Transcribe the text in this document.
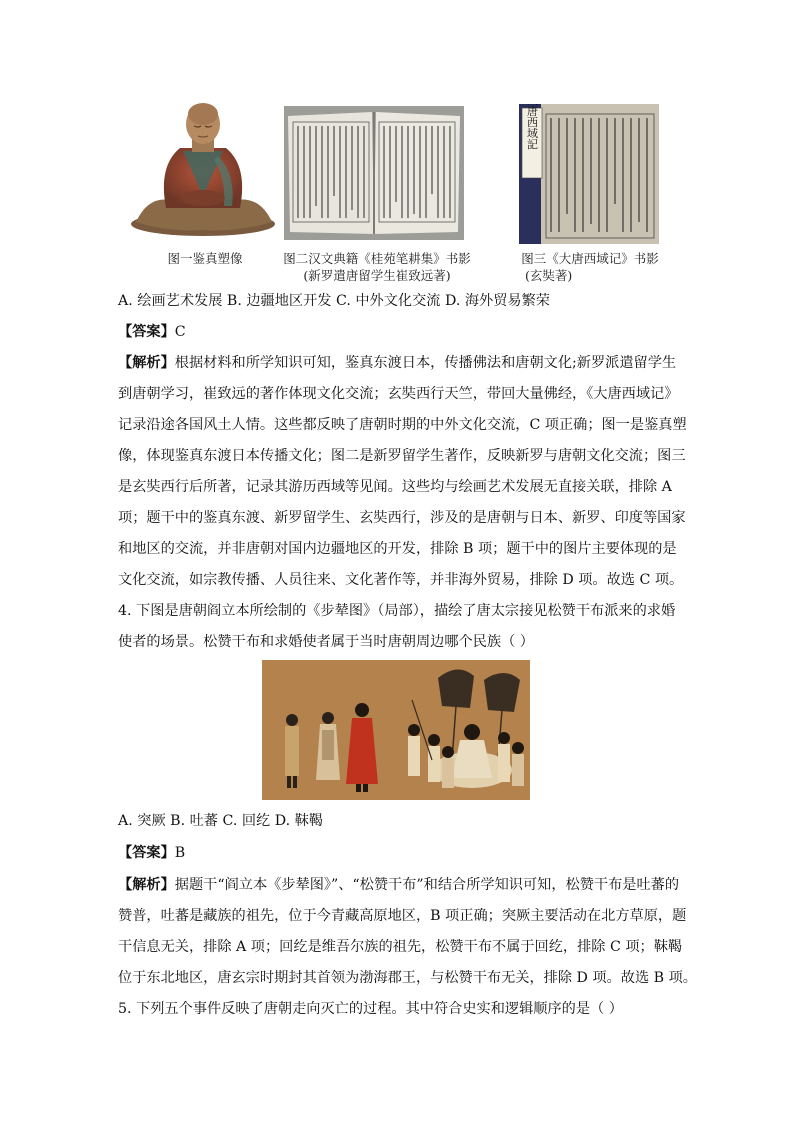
图一鉴真塑像	图二汉文典籍《桂苑笔耕集》书影
(新罗遣唐留学生崔致远著)
大唐西域記
图三《大唐西域记》书影
(玄奘著)
A. 绘画艺术发展 B. 边疆地区开发 C. 中外文化交流 D. 海外贸易繁荣
【答案】C
【解析】根据材料和所学知识可知，鉴真东渡日本，传播佛法和唐朝文化;新罗派遣留学生
到唐朝学习，崔致远的著作体现文化交流；玄奘西行天竺，带回大量佛经，《大唐西域记》
记录沿途各国风土人情。这些都反映了唐朝时期的中外文化交流，C 项正确；图一是鉴真塑
像，体现鉴真东渡日本传播文化；图二是新罗留学生著作，反映新罗与唐朝文化交流；图三
是玄奘西行后所著，记录其游历西域等见闻。这些均与绘画艺术发展无直接关联，排除 A
项；题干中的鉴真东渡、新罗留学生、玄奘西行，涉及的是唐朝与日本、新罗、印度等国家
和地区的交流，并非唐朝对国内边疆地区的开发，排除 B 项；题干中的图片主要体现的是
文化交流，如宗教传播、人员往来、文化著作等，并非海外贸易，排除 D 项。故选 C 项。
4. 下图是唐朝阎立本所绘制的《步辇图》（局部），描绘了唐太宗接见松赞干布派来的求婚
使者的场景。松赞干布和求婚使者属于当时唐朝周边哪个民族（ ）
A. 突厥 B. 吐蕃 C. 回纥 D. 靺鞨
【答案】B
【解析】据题干“阎立本《步辇图》”、“松赞干布”和结合所学知识可知，松赞干布是吐蕃的
赞普，吐蕃是藏族的祖先，位于今青藏高原地区，B 项正确；突厥主要活动在北方草原，题
干信息无关，排除 A 项；回纥是维吾尔族的祖先，松赞干布不属于回纥，排除 C 项；靺鞨
位于东北地区，唐玄宗时期封其首领为渤海郡王，与松赞干布无关，排除 D 项。故选 B 项。
5. 下列五个事件反映了唐朝走向灭亡的过程。其中符合史实和逻辑顺序的是（ ）
